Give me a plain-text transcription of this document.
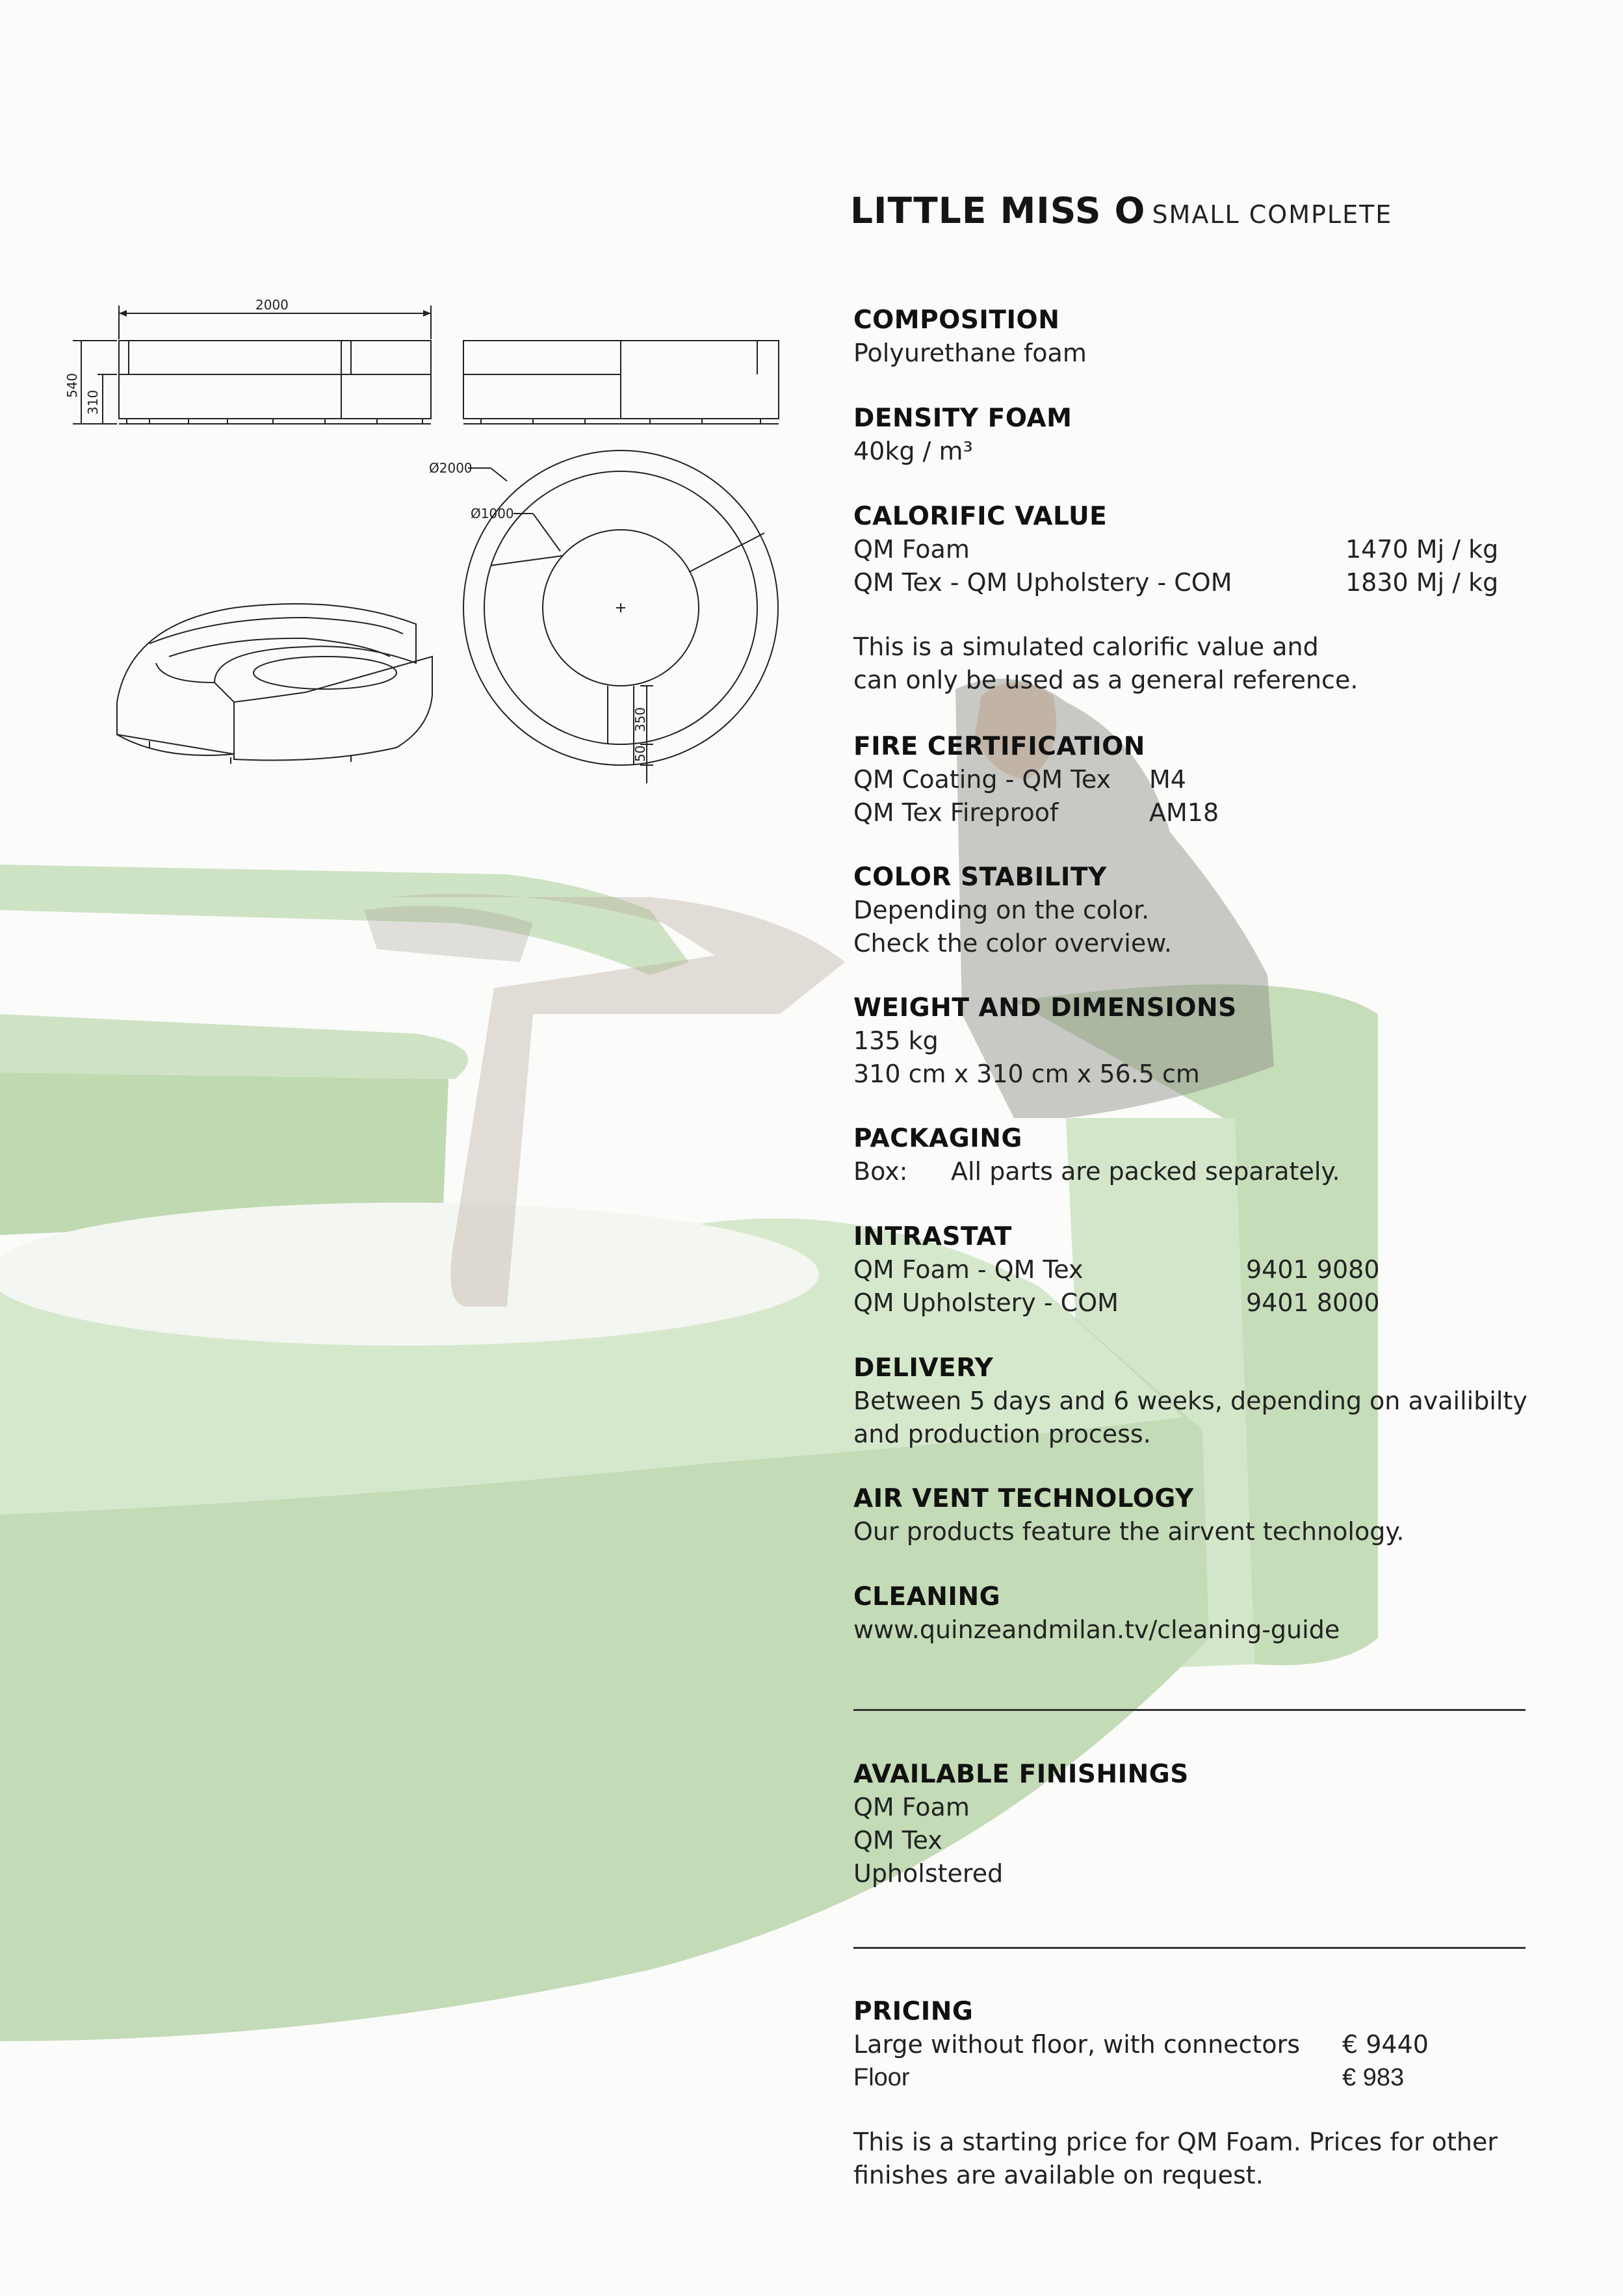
2000
540
310
Ø2000
Ø1000
350
50
LITTLE MISS O SMALL COMPLETE
COMPOSITION

Polyurethane foam

DENSITY FOAM

40kg / m³

CALORIFIC VALUE
QM Foam	1470 Mj / kg
QM Tex - QM Upholstery - COM	1830 Mj / kg

This is a simulated calorific value and

can only be used as a general reference.

FIRE CERTIFICATION
QM Coating - QM Tex M4
QM Tex Fireproof	AM18
COLOR STABILITY

Depending on the color.

Check the color overview.

WEIGHT AND DIMENSIONS

135 kg

310 cm x 310 cm x 56.5 cm

PACKAGING
Box: All parts are packed separately.
INTRASTAT
QM Foam - QM Tex	9401 9080
QM Upholstery - COM	9401 8000
DELIVERY

Between 5 days and 6 weeks, depending on availibilty

and production process.

AIR VENT TECHNOLOGY

Our products feature the airvent technology.

CLEANING

www.quinzeandmilan.tv/cleaning-guide

AVAILABLE FINISHINGS

QM Foam

QM Tex

Upholstered

PRICING
Large without floor, with connectors € 9440
Floor	€ 983

This is a starting price for QM Foam. Prices for other

finishes are available on request.
